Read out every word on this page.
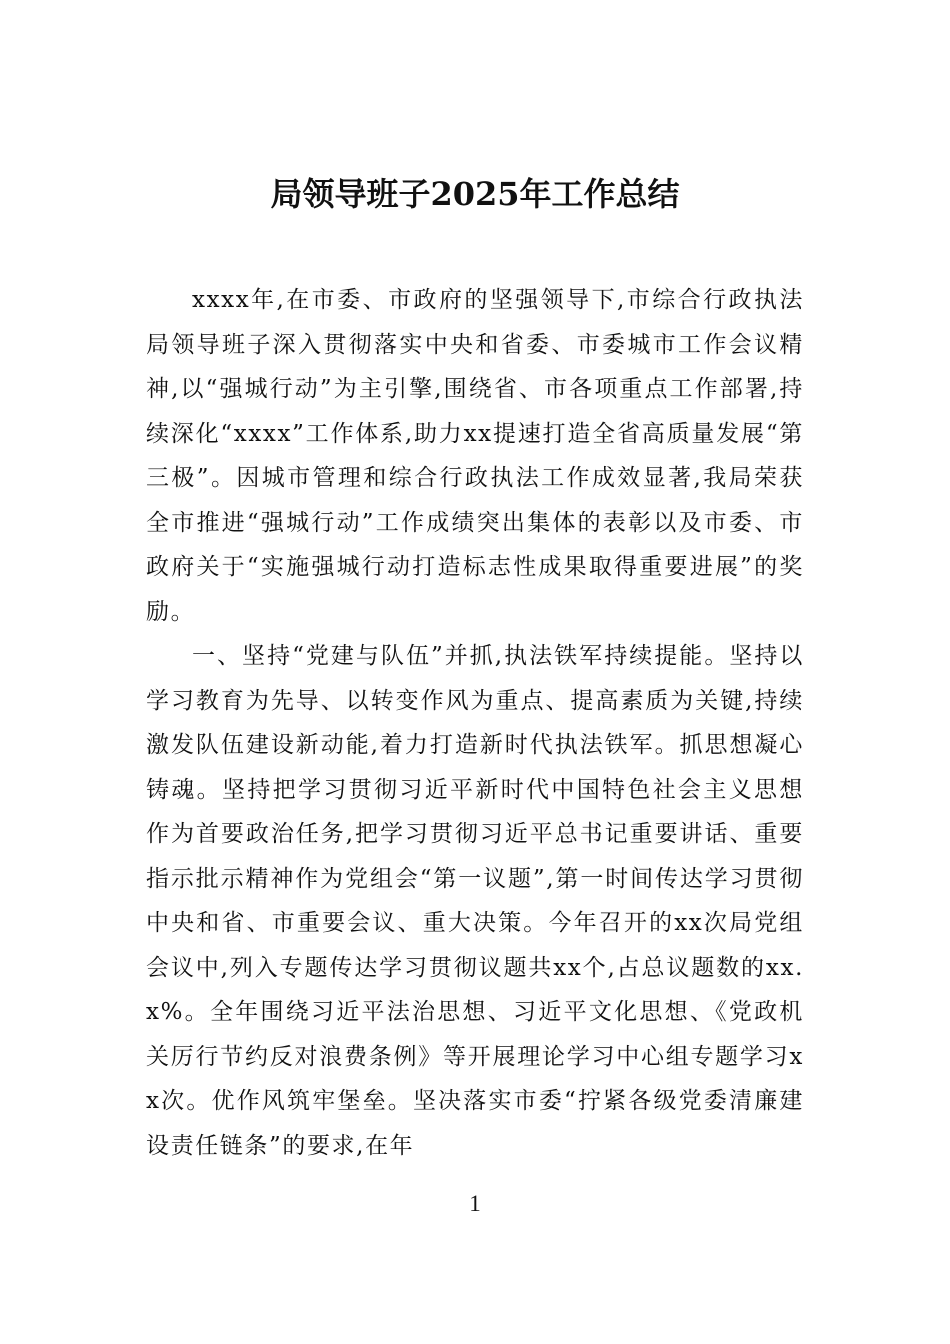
局领导班子2025年工作总结

xxxx年,在市委、市政府的坚强领导下,市综合行政执法局领导班子深入贯彻落实中央和省委、市委城市工作会议精神,以“强城行动”为主引擎,围绕省、市各项重点工作部署,持续深化“xxxx”工作体系,助力xx提速打造全省高质量发展“第三极”。因城市管理和综合行政执法工作成效显著,我局荣获全市推进“强城行动”工作成绩突出集体的表彰以及市委、市政府关于“实施强城行动打造标志性成果取得重要进展”的奖励。

一、坚持“党建与队伍”并抓,执法铁军持续提能。坚持以学习教育为先导、以转变作风为重点、提高素质为关键,持续激发队伍建设新动能,着力打造新时代执法铁军。抓思想凝心铸魂。坚持把学习贯彻习近平新时代中国特色社会主义思想作为首要政治任务,把学习贯彻习近平总书记重要讲话、重要指示批示精神作为党组会“第一议题”,第一时间传达学习贯彻中央和省、市重要会议、重大决策。今年召开的xx次局党组会议中,列入专题传达学习贯彻议题共xx个,占总议题数的xx.x%。全年围绕习近平法治思想、习近平文化思想、《党政机关厉行节约反对浪费条例》等开展理论学习中心组专题学习xx次。优作风筑牢堡垒。坚决落实市委“拧紧各级党委清廉建设责任链条”的要求,在年

1
